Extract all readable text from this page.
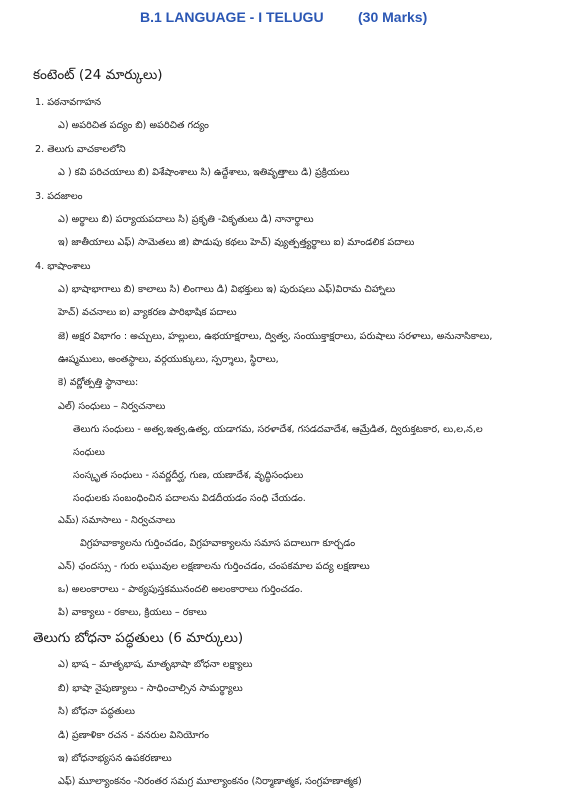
B.1 LANGUAGE - I TELUGU (30 Marks)
కంటెంట్ (24 మార్కులు)
1. పఠనావగాహన
ఎ) అపరిచిత పద్యం బి) అపరిచిత గద్యం
2. తెలుగు వాచకాలలోని
ఎ ) కవి పరిచయాలు బి) విశేషాంశాలు సి) ఉద్దేశాలు, ఇతివృత్తాలు డి) ప్రక్రియలు
3. పదజాలం
ఎ) అర్థాలు బి) పర్యాయపదాలు సి) ప్రకృతి -వికృతులు డి) నానార్థాలు
ఇ) జాతీయాలు ఎఫ్) సామెతలు జి) పొడుపు కథలు హెచ్) వ్యుత్పత్త్యర్థాలు ఐ) మాండలిక పదాలు
4. భాషాంశాలు
ఎ) భాషాభాగాలు బి) కాలాలు సి) లింగాలు డి) విభక్తులు ఇ) పురుషలు ఎఫ్)విరామ చిహ్నాలు
హెచ్) వచనాలు ఐ) వ్యాకరణ పారిభాషిక పదాలు
జె) అక్షర విభాగం : అచ్చులు, హల్లులు, ఉభయాక్షరాలు, ద్విత్వ, సంయుక్తాక్షరాలు, పరుషాలు సరళాలు, అనునాసికాలు,
ఊష్మములు, అంతస్థాలు, వర్గయుక్కులు, స్పర్శాలు, స్థిరాలు,
కె) వర్ణోత్పత్తి స్థానాలు:
ఎల్) సంధులు – నిర్వచనాలు
తెలుగు సంధులు - అత్వ,ఇత్వ,ఉత్వ, యడాగమ, సరళాదేశ, గసడదవాదేశ, ఆమ్రేడిత, ద్విరుక్తటకార, లు,ల,న,ల
సంధులు
సంస్కృత సంధులు - సవర్ణదీర్ఘ, గుణ, యణాదేశ, వృద్ధిసంధులు
సంధులకు సంబంధించిన పదాలను విడదీయడం సంధి చేయడం.
ఎమ్) సమాసాలు - నిర్వచనాలు
విగ్రహవాక్యాలను గుర్తించడం, విగ్రహవాక్యాలను సమాస పదాలుగా కూర్చడం
ఎన్) ఛందస్సు - గురు లఘువుల లక్షణాలను గుర్తించడం, చంపకమాల పద్య లక్షణాలు
ఒ) అలంకారాలు - పాఠ్యపుస్తకమునందలి అలంకారాలు గుర్తించడం.
పి) వాక్యాలు - రకాలు, క్రియలు – రకాలు
తెలుగు బోధనా పద్ధతులు (6 మార్కులు)
ఎ) భాష – మాతృభాష, మాతృభాషా బోధనా లక్ష్యాలు
బి) భాషా నైపుణ్యాలు - సాధించాల్సిన సామర్థ్యాలు
సి) బోధనా పద్ధతులు
డి) ప్రణాళికా రచన - వనరుల వినియోగం
ఇ) బోధనాభ్యసన ఉపకరణాలు
ఎఫ్) మూల్యాంకనం -నిరంతర సమగ్ర మూల్యాంకనం (నిర్మాణాత్మక, సంగ్రహణాత్మక)
